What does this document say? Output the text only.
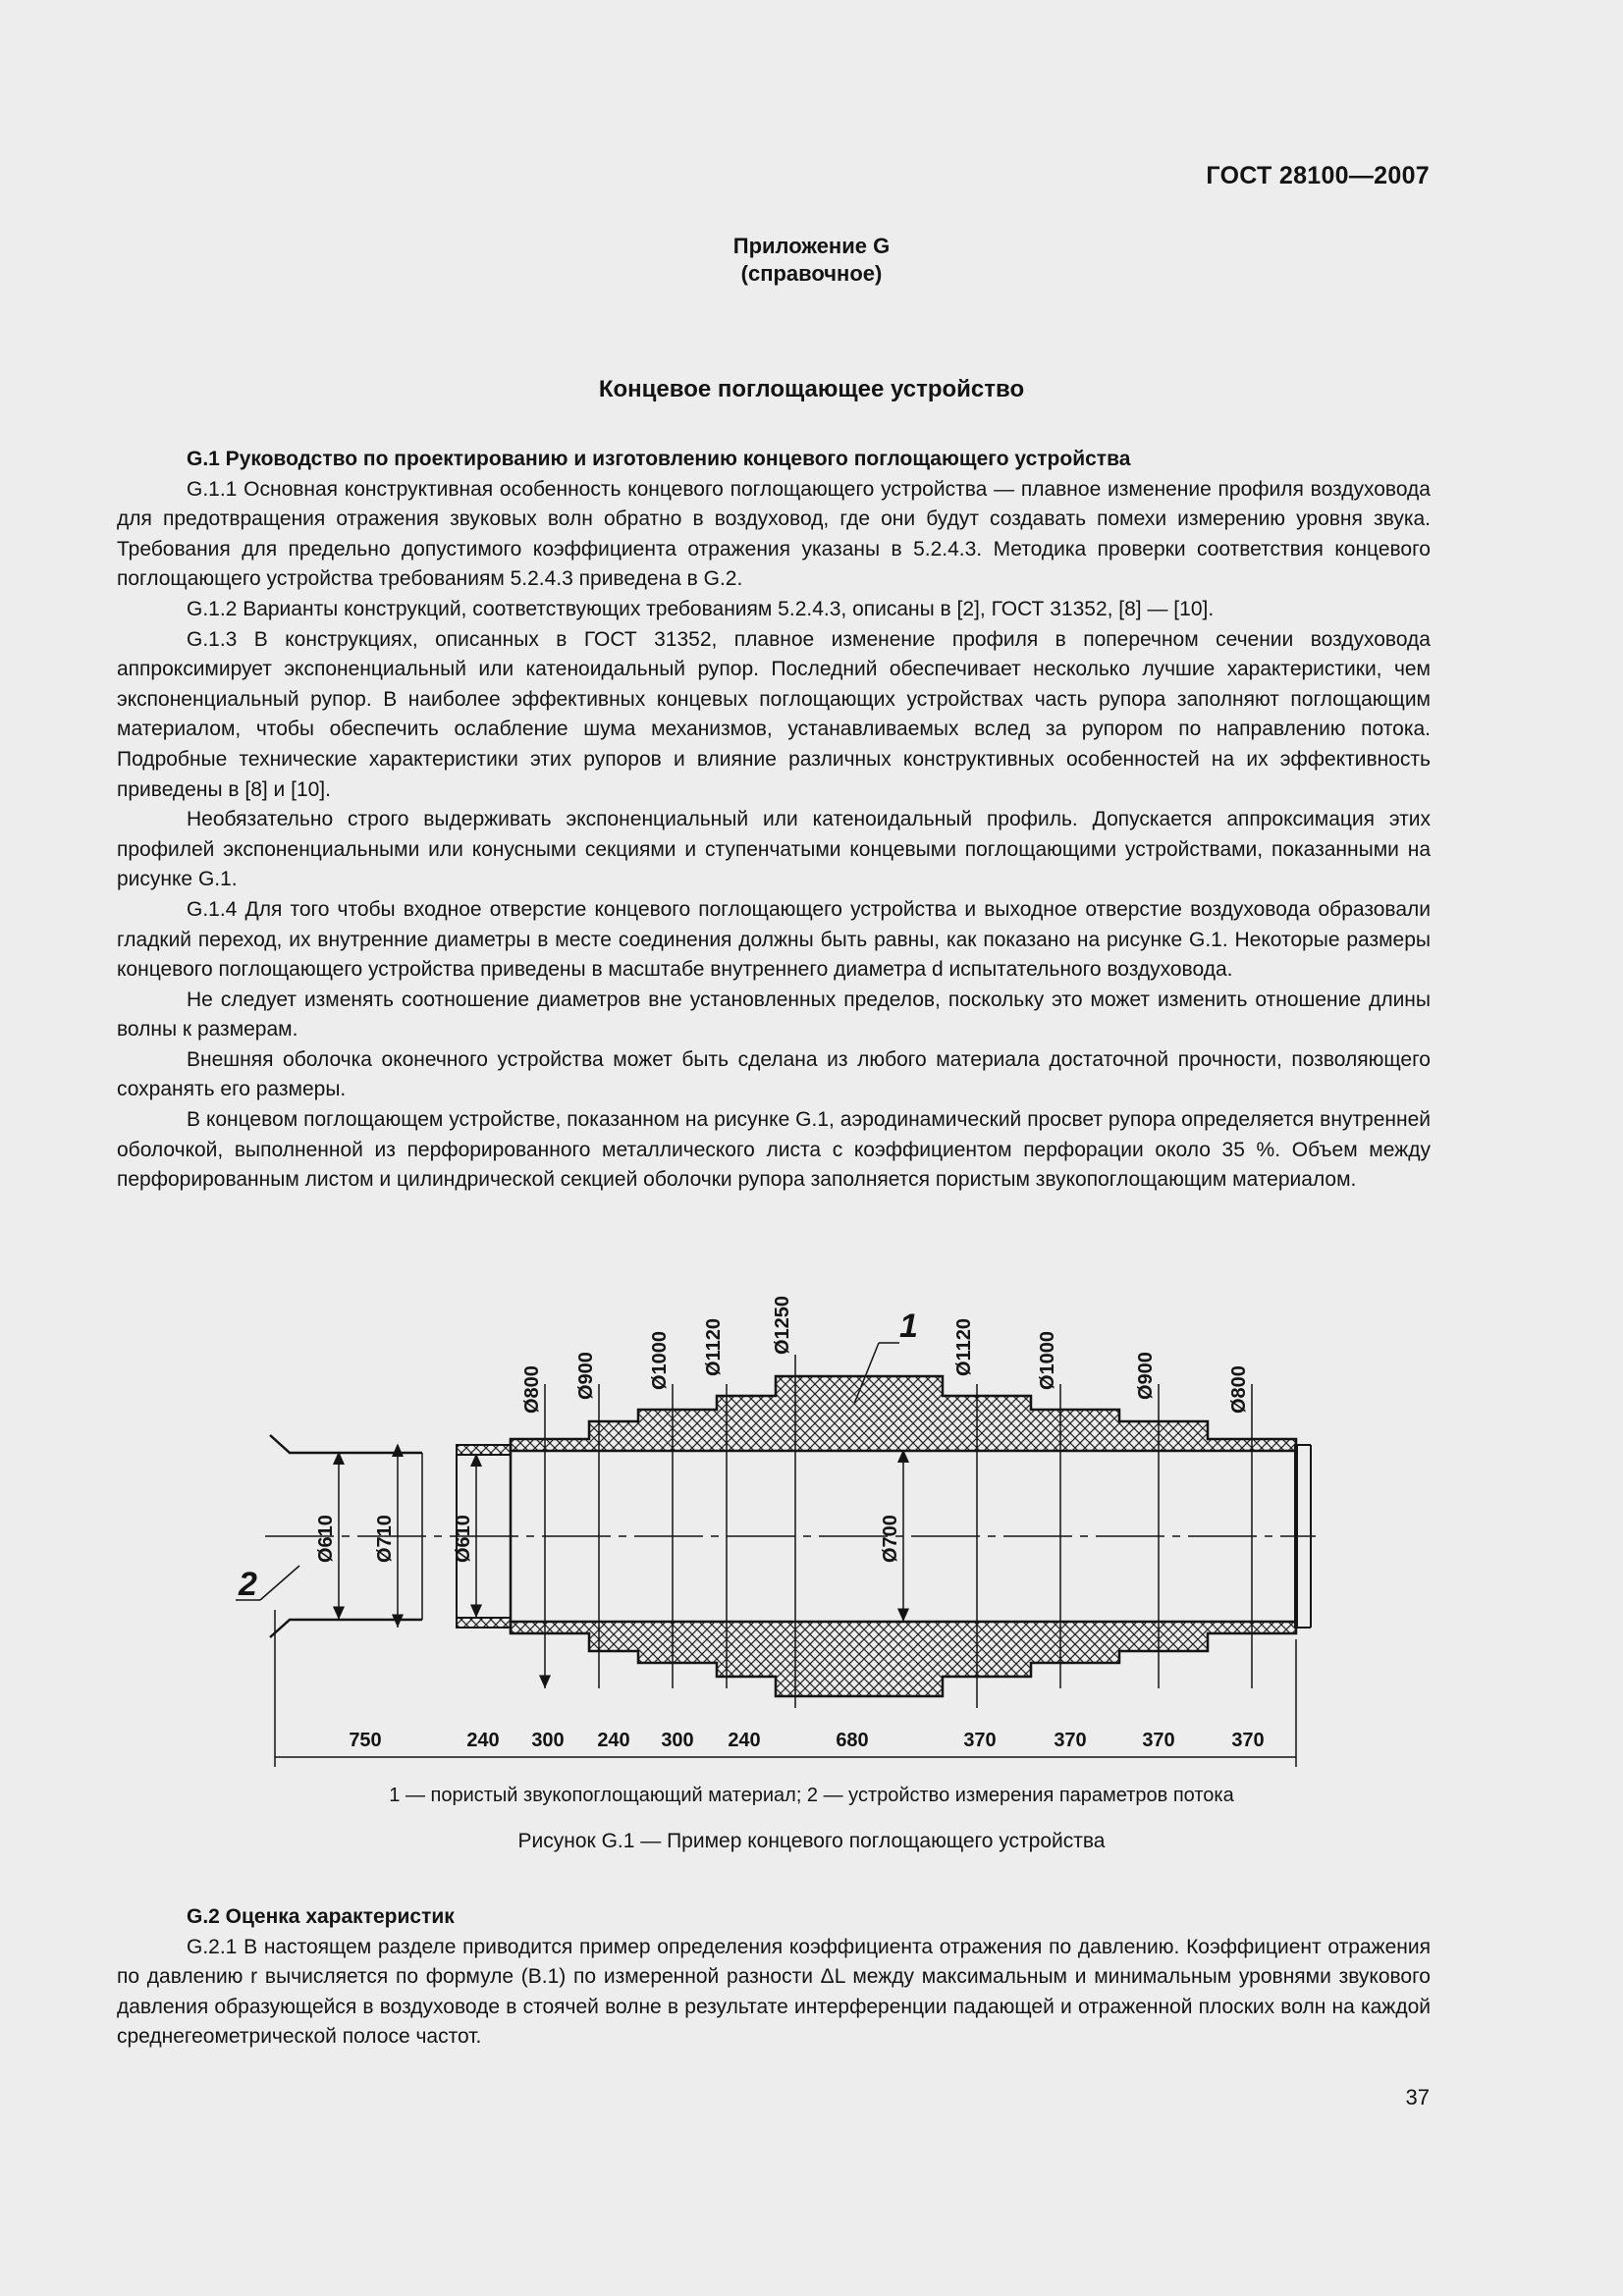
ГОСТ 28100—2007
Приложение G
(справочное)
Концевое поглощающее устройство

G.1 Руководство по проектированию и изготовлению концевого поглощающего устройства

G.1.1 Основная конструктивная особенность концевого поглощающего устройства — плавное изменение профиля воздуховода для предотвращения отражения звуковых волн обратно в воздуховод, где они будут создавать помехи измерению уровня звука. Требования для предельно допустимого коэффициента отражения указаны в 5.2.4.3. Методика проверки соответствия концевого поглощающего устройства требованиям 5.2.4.3 приведена в G.2.

G.1.2 Варианты конструкций, соответствующих требованиям 5.2.4.3, описаны в [2], ГОСТ 31352, [8] — [10].

G.1.3 В конструкциях, описанных в ГОСТ 31352, плавное изменение профиля в поперечном сечении воздуховода аппроксимирует экспоненциальный или катеноидальный рупор. Последний обеспечивает несколько лучшие характеристики, чем экспоненциальный рупор. В наиболее эффективных концевых поглощающих устройствах часть рупора заполняют поглощающим материалом, чтобы обеспечить ослабление шума механизмов, устанавливаемых вслед за рупором по направлению потока. Подробные технические характеристики этих рупоров и влияние различных конструктивных особенностей на их эффективность приведены в [8] и [10].

Необязательно строго выдерживать экспоненциальный или катеноидальный профиль. Допускается аппроксимация этих профилей экспоненциальными или конусными секциями и ступенчатыми концевыми поглощающими устройствами, показанными на рисунке G.1.

G.1.4 Для того чтобы входное отверстие концевого поглощающего устройства и выходное отверстие воздуховода образовали гладкий переход, их внутренние диаметры в месте соединения должны быть равны, как показано на рисунке G.1. Некоторые размеры концевого поглощающего устройства приведены в масштабе внутреннего диаметра d испытательного воздуховода.

Не следует изменять соотношение диаметров вне установленных пределов, поскольку это может изменить отношение длины волны к размерам.

Внешняя оболочка оконечного устройства может быть сделана из любого материала достаточной прочности, позволяющего сохранять его размеры.

В концевом поглощающем устройстве, показанном на рисунке G.1, аэродинамический просвет рупора определяется внутренней оболочкой, выполненной из перфорированного металлического листа с коэффициентом перфорации около 35 %. Объем между перфорированным листом и цилиндрической секцией оболочки рупора заполняется пористым звукопоглощающим материалом.

Ø800 Ø900	Ø1000 Ø1120 Ø1250	Ø1120	Ø1000	Ø900	Ø800
Ø610 Ø710	Ø610	Ø700
1
2
750	240 300 240 300 240	680	370	370	370	370
1 — пористый звукопоглощающий материал; 2 — устройство измерения параметров потока
Рисунок G.1 — Пример концевого поглощающего устройства

G.2 Оценка характеристик

G.2.1 В настоящем разделе приводится пример определения коэффициента отражения по давлению. Коэффициент отражения по давлению r вычисляется по формуле (В.1) по измеренной разности ΔL между максимальным и минимальным уровнями звукового давления образующейся в воздуховоде в стоячей волне в результате интерференции падающей и отраженной плоских волн на каждой среднегеометрической полосе частот.

37
